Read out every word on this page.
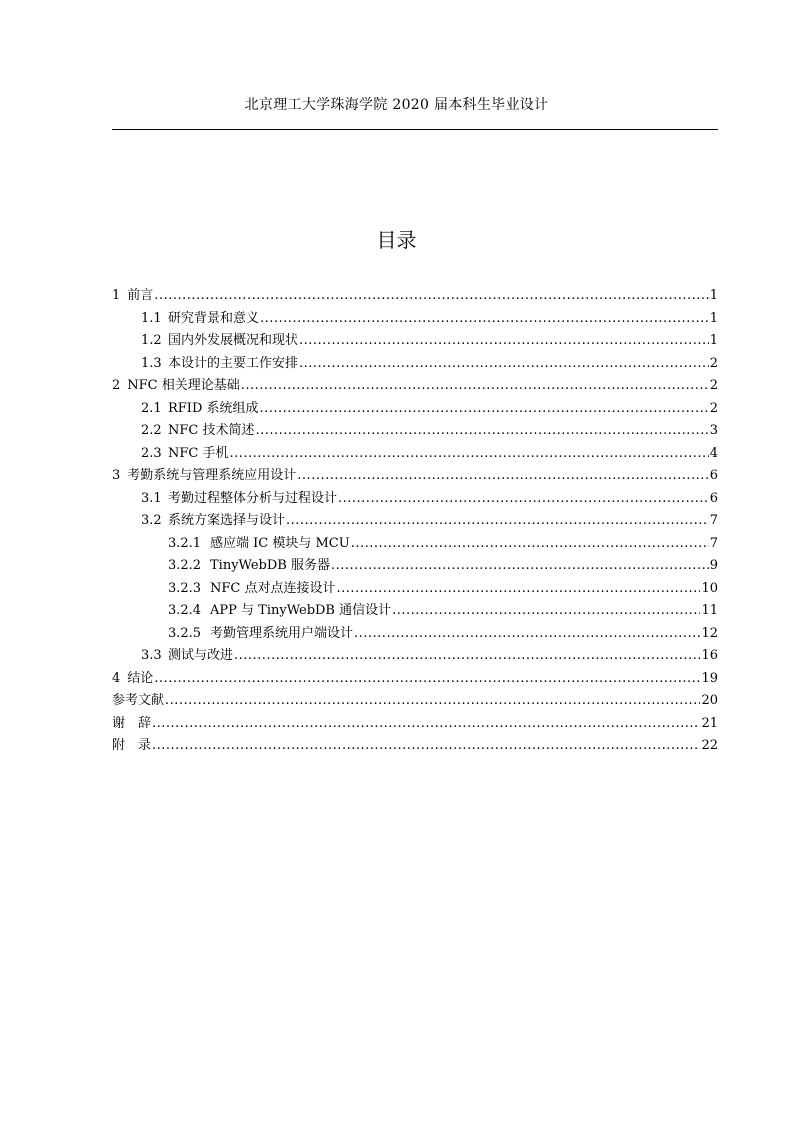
北京理工大学珠海学院 2020 届本科生毕业设计
目录
1 前言 .....	1
1.1 研究背景和意义 .....	1
1.2 国内外发展概况和现状 .....	1
1.3 本设计的主要工作安排 .....	2
2 NFC 相关理论基础 .....	2
2.1 RFID 系统组成 .....	2
2.2 NFC 技术简述 .....	3
2.3 NFC 手机 .....	4
3 考勤系统与管理系统应用设计 .....	6
3.1 考勤过程整体分析与过程设计 .....	6
3.2 系统方案选择与设计 .....	7
3.2.1 感应端 IC 模块与 MCU .....	7
3.2.2 TinyWebDB 服务器 .....	9
3.2.3 NFC 点对点连接设计 .....	10
3.2.4 APP 与 TinyWebDB 通信设计 .....	11
3.2.5 考勤管理系统用户端设计 .....	12
3.3 测试与改进 .....	16
4 结论 .....	19
参考文献 .....	20
谢　辞 .....	21
附　录 .....	22
